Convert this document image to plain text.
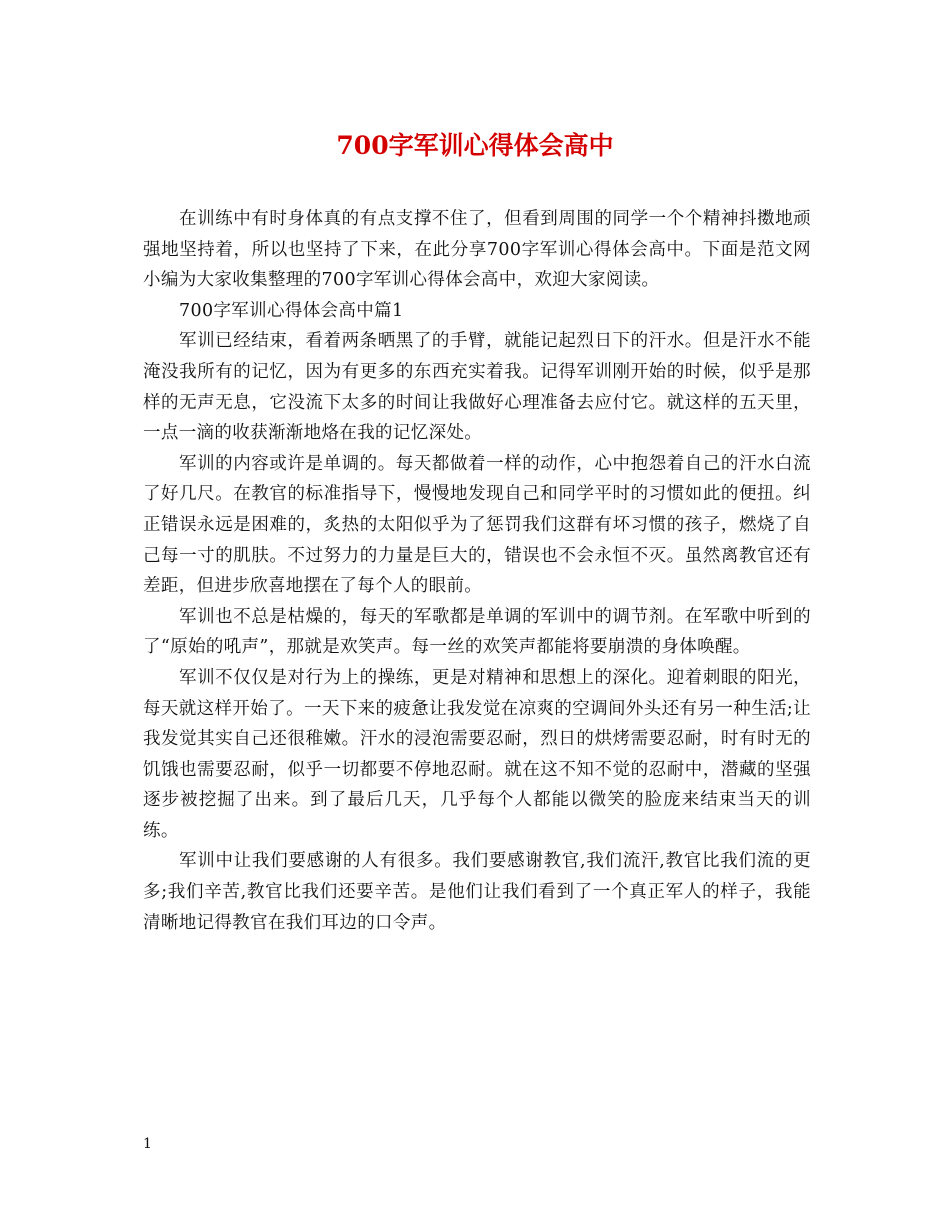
700字军训心得体会高中

在训练中有时身体真的有点支撑不住了，但看到周围的同学一个个精神抖擞地顽强地坚持着，所以也坚持了下来，在此分享700字军训心得体会高中。下面是范文网小编为大家收集整理的700字军训心得体会高中，欢迎大家阅读。

700字军训心得体会高中篇1

军训已经结束，看着两条晒黑了的手臂，就能记起烈日下的汗水。但是汗水不能淹没我所有的记忆，因为有更多的东西充实着我。记得军训刚开始的时候，似乎是那样的无声无息，它没流下太多的时间让我做好心理准备去应付它。就这样的五天里，一点一滴的收获渐渐地烙在我的记忆深处。

军训的内容或许是单调的。每天都做着一样的动作，心中抱怨着自己的汗水白流了好几尺。在教官的标准指导下，慢慢地发现自己和同学平时的习惯如此的便扭。纠正错误永远是困难的，炙热的太阳似乎为了惩罚我们这群有坏习惯的孩子，燃烧了自己每一寸的肌肤。不过努力的力量是巨大的，错误也不会永恒不灭。虽然离教官还有差距，但进步欣喜地摆在了每个人的眼前。

军训也不总是枯燥的，每天的军歌都是单调的军训中的调节剂。在军歌中听到的了“原始的吼声”，那就是欢笑声。每一丝的欢笑声都能将要崩溃的身体唤醒。

军训不仅仅是对行为上的操练，更是对精神和思想上的深化。迎着刺眼的阳光，每天就这样开始了。一天下来的疲惫让我发觉在凉爽的空调间外头还有另一种生活;让我发觉其实自己还很稚嫩。汗水的浸泡需要忍耐，烈日的烘烤需要忍耐，时有时无的饥饿也需要忍耐，似乎一切都要不停地忍耐。就在这不知不觉的忍耐中，潜藏的坚强逐步被挖掘了出来。到了最后几天，几乎每个人都能以微笑的脸庞来结束当天的训练。

军训中让我们要感谢的人有很多。我们要感谢教官,我们流汗,教官比我们流的更多;我们辛苦,教官比我们还要辛苦。是他们让我们看到了一个真正军人的样子，我能清晰地记得教官在我们耳边的口令声。

1
